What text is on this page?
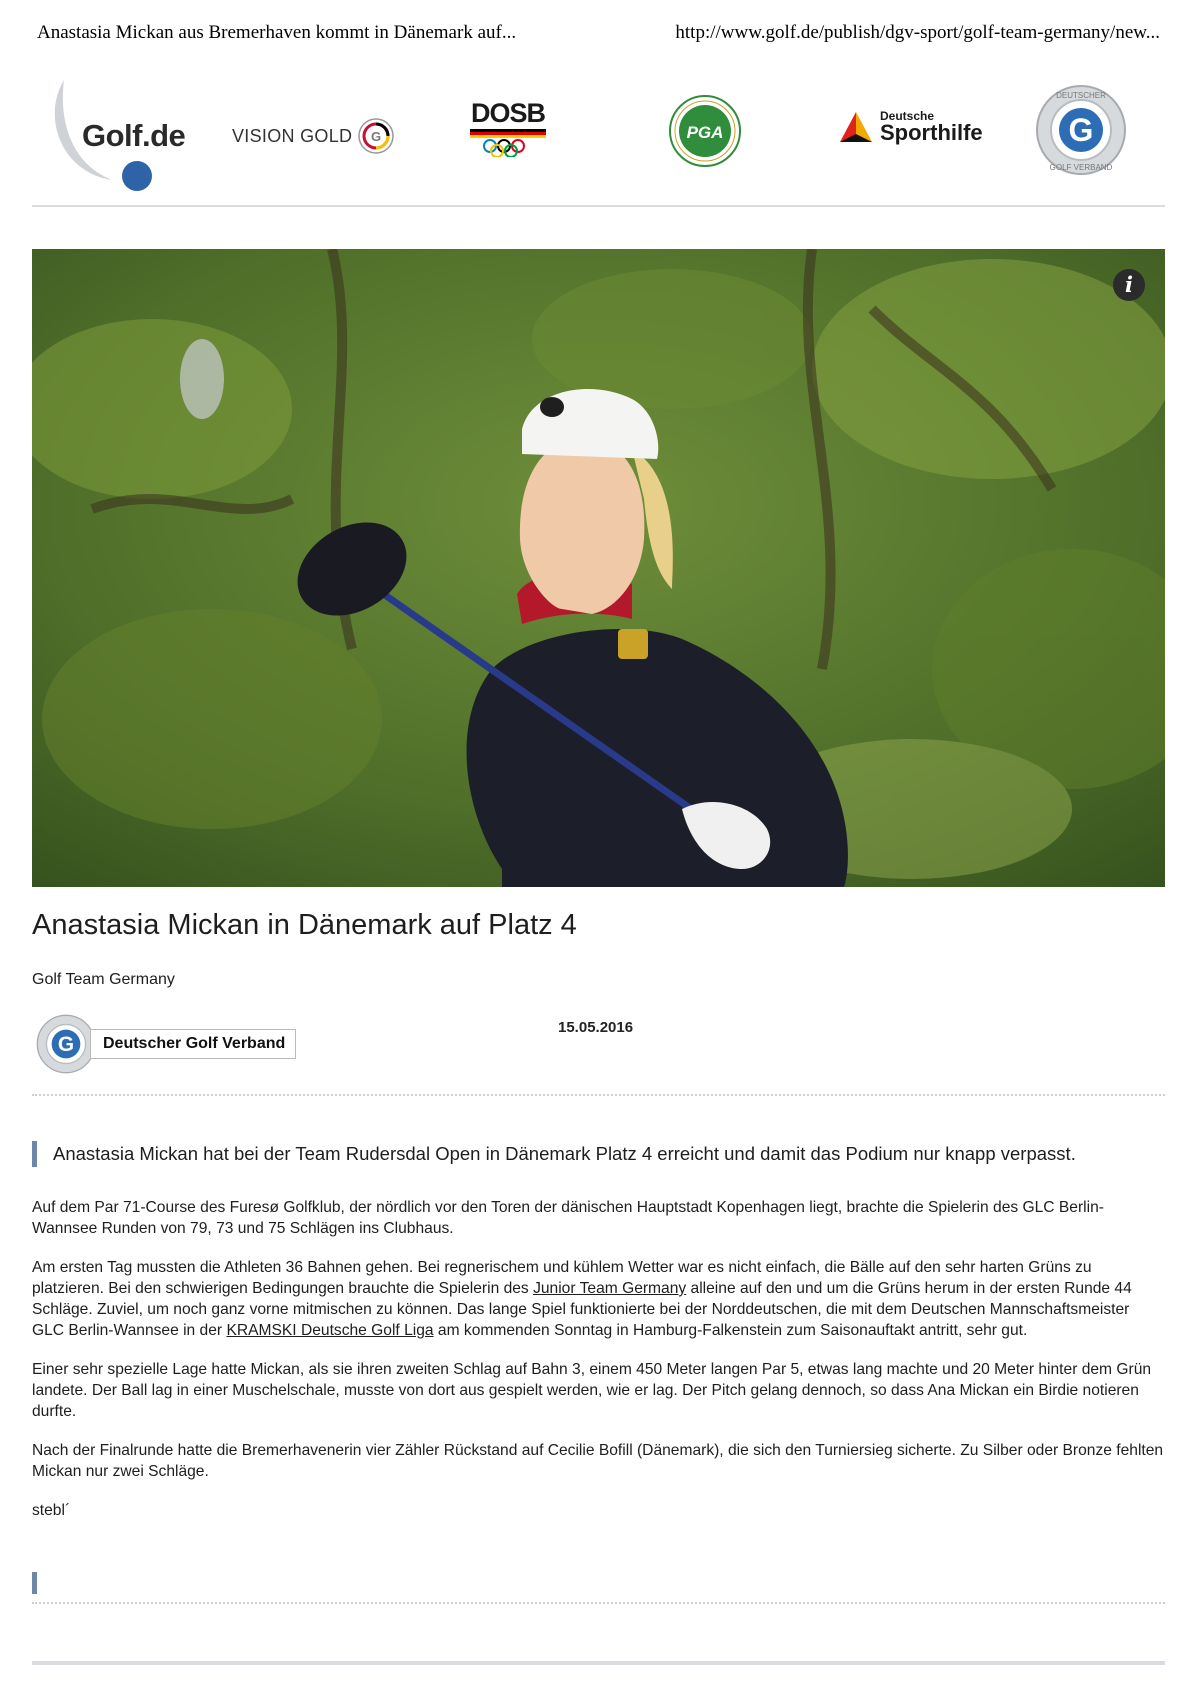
Anastasia Mickan aus Bremerhaven kommt in Dänemark auf...	http://www.golf.de/publish/dgv-sport/golf-team-germany/new...
Golf.de	VISION GOLD G
DOSB
PGA
Deutsche
Sporthilfe	G
DEUTSCHER
GOLF VERBAND
i
Anastasia Mickan in Dänemark auf Platz 4
Golf Team Germany
G	Deutscher Golf Verband
15.05.2016
Anastasia Mickan hat bei der Team Rudersdal Open in Dänemark Platz 4 erreicht und damit das Podium nur knapp verpasst.

Auf dem Par 71-Course des Furesø Golfklub, der nördlich vor den Toren der dänischen Hauptstadt Kopenhagen liegt, brachte die Spielerin des GLC Berlin-Wannsee Runden von 79, 73 und 75 Schlägen ins Clubhaus.

Am ersten Tag mussten die Athleten 36 Bahnen gehen. Bei regnerischem und kühlem Wetter war es nicht einfach, die Bälle auf den sehr harten Grüns zu platzieren. Bei den schwierigen Bedingungen brauchte die Spielerin des Junior Team Germany alleine auf den und um die Grüns herum in der ersten Runde 44 Schläge. Zuviel, um noch ganz vorne mitmischen zu können. Das lange Spiel funktionierte bei der Norddeutschen, die mit dem Deutschen Mannschaftsmeister GLC Berlin-Wannsee in der KRAMSKI Deutsche Golf Liga am kommenden Sonntag in Hamburg-Falkenstein zum Saisonauftakt antritt, sehr gut.

Einer sehr spezielle Lage hatte Mickan, als sie ihren zweiten Schlag auf Bahn 3, einem 450 Meter langen Par 5, etwas lang machte und 20 Meter hinter dem Grün landete. Der Ball lag in einer Muschelschale, musste von dort aus gespielt werden, wie er lag. Der Pitch gelang dennoch, so dass Ana Mickan ein Birdie notieren durfte.

Nach der Finalrunde hatte die Bremerhavenerin vier Zähler Rückstand auf Cecilie Bofill (Dänemark), die sich den Turniersieg sicherte. Zu Silber oder Bronze fehlten Mickan nur zwei Schläge.

stebl´
